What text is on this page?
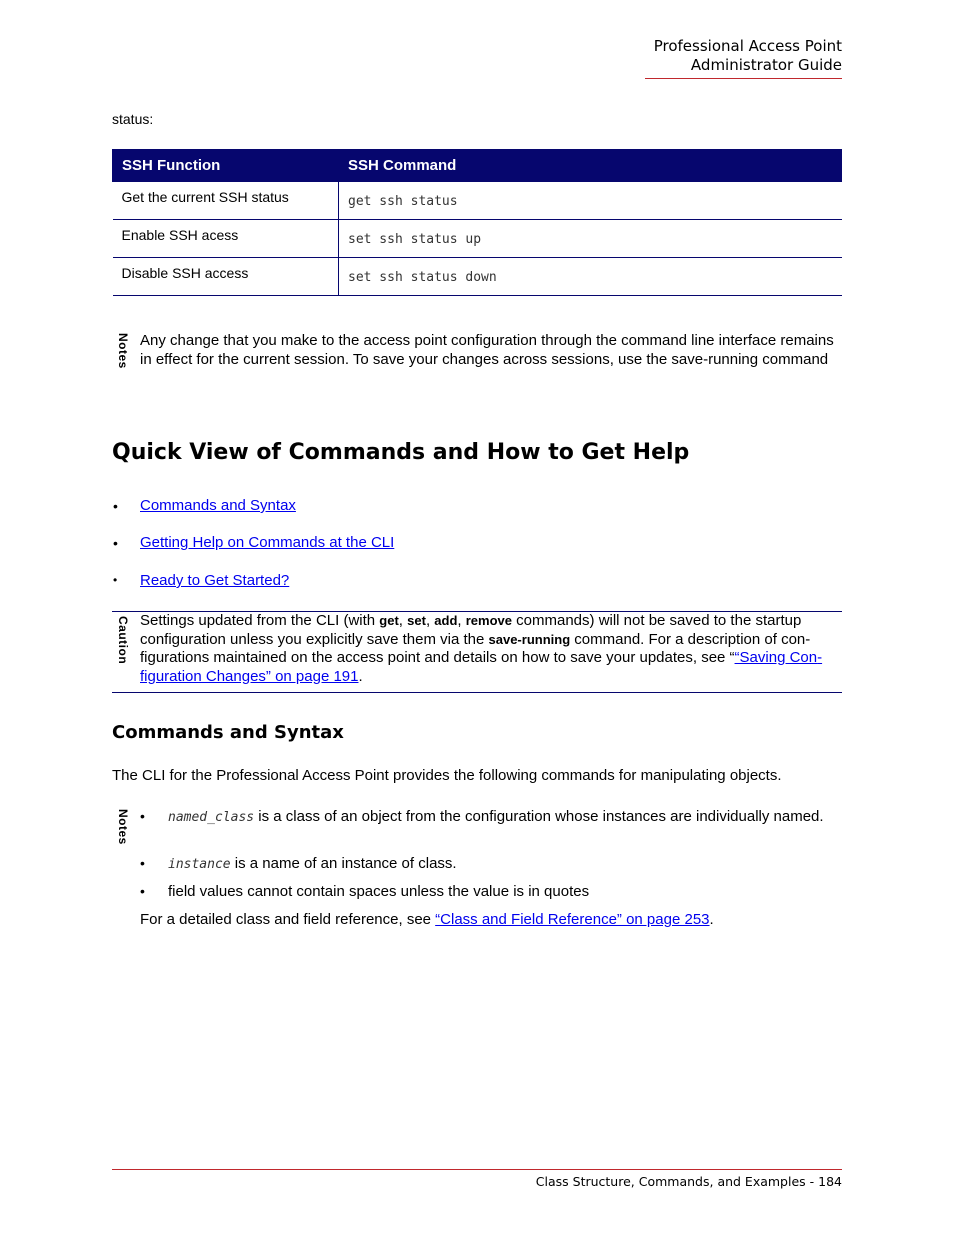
Professional Access Point
Administrator Guide
status:
SSH Function	SSH Command
Get the current SSH status	get ssh status
Enable SSH acess	set ssh status up
Disable SSH access	set ssh status down
Notes Any change that you make to the access point configuration through the command line interface remains in effect for the current session. To save your changes across sessions, use the save-running command
Quick View of Commands and How to Get Help
• Commands and Syntax
• Getting Help on Commands at the CLI
• Ready to Get Started?
Caution Settings updated from the CLI (with get, set, add, remove commands) will not be saved to the startup configuration unless you explicitly save them via the save-running command. For a description of configurations maintained on the access point and details on how to save your updates, see ““Saving Configuration Changes” on page 191.
Commands and Syntax
The CLI for the Professional Access Point provides the following commands for manipulating objects.
Notes • named_class is a class of an object from the configuration whose instances are individually named.
• instance is a name of an instance of class.
• field values cannot contain spaces unless the value is in quotes
For a detailed class and field reference, see “Class and Field Reference” on page 253.
Class Structure, Commands, and Examples - 184
